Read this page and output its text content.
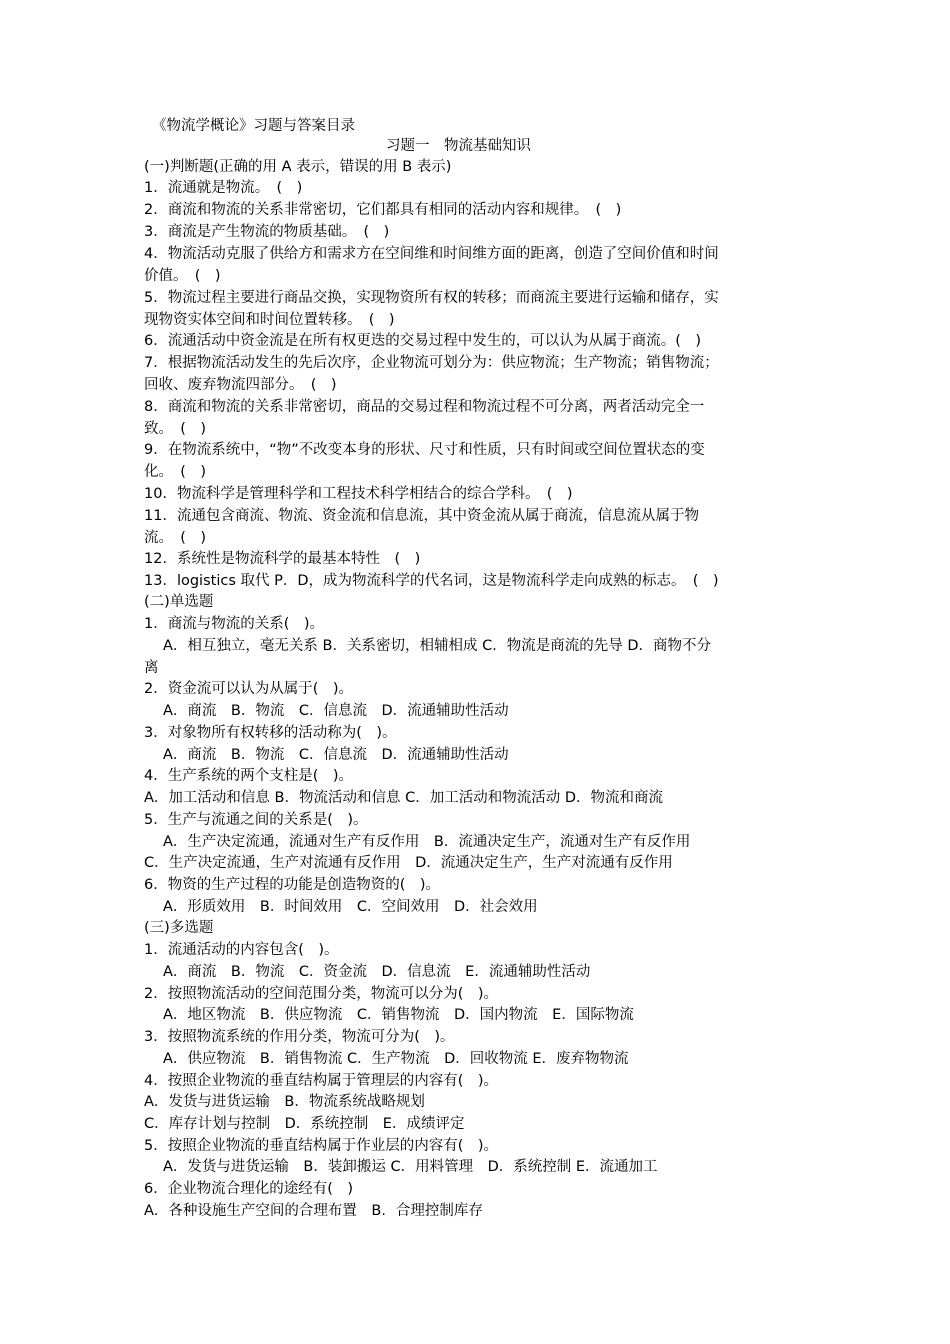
《物流学概论》习题与答案目录
习题一　物流基础知识
(一)判断题(正确的用 A 表示，错误的用 B 表示)
1．流通就是物流。　(　)
2．商流和物流的关系非常密切，它们都具有相同的活动内容和规律。　(　)
3．商流是产生物流的物质基础。　(　)
4．物流活动克服了供给方和需求方在空间维和时间维方面的距离，创造了空间价值和时间
价值。　(　)
5．物流过程主要进行商品交换，实现物资所有权的转移；而商流主要进行运输和储存，实
现物资实体空间和时间位置转移。　(　)
6．流通活动中资金流是在所有权更迭的交易过程中发生的，可以认为从属于商流。(　)
7．根据物流活动发生的先后次序，企业物流可划分为：供应物流；生产物流；销售物流；
回收、废弃物流四部分。　(　)
8．商流和物流的关系非常密切，商品的交易过程和物流过程不可分离，两者活动完全一
致。　(　)
9．在物流系统中，“物”不改变本身的形状、尺寸和性质，只有时间或空间位置状态的变
化。　(　)
10．物流科学是管理科学和工程技术科学相结合的综合学科。　(　)
11．流通包含商流、物流、资金流和信息流，其中资金流从属于商流，信息流从属于物
流。　(　)
12．系统性是物流科学的最基本特性　(　)
13．logistics 取代 P．D，成为物流科学的代名词，这是物流科学走向成熟的标志。　(　)
(二)单选题
1．商流与物流的关系(　)。
A．相互独立，毫无关系 B．关系密切，相辅相成 C．物流是商流的先导 D．商物不分
离
2．资金流可以认为从属于(　)。
A．商流　B．物流　C．信息流　D．流通辅助性活动
3．对象物所有权转移的活动称为(　)。
A．商流　B．物流　C．信息流　D．流通辅助性活动
4．生产系统的两个支柱是(　)。
A．加工活动和信息 B．物流活动和信息 C．加工活动和物流活动 D．物流和商流
5．生产与流通之间的关系是(　)。
A．生产决定流通，流通对生产有反作用　B．流通决定生产，流通对生产有反作用
C．生产决定流通，生产对流通有反作用　D．流通决定生产，生产对流通有反作用
6．物资的生产过程的功能是创造物资的(　)。
A．形质效用　B．时间效用　C．空间效用　D．社会效用
(三)多选题
1．流通活动的内容包含(　)。
A．商流　B．物流　C．资金流　D．信息流　E．流通辅助性活动
2．按照物流活动的空间范围分类，物流可以分为(　)。
A．地区物流　B．供应物流　C．销售物流　D．国内物流　E．国际物流
3．按照物流系统的作用分类，物流可分为(　)。
A．供应物流　B．销售物流 C．生产物流　D．回收物流 E．废弃物物流
4．按照企业物流的垂直结构属于管理层的内容有(　)。
A．发货与进货运输　B．物流系统战略规划
C．库存计划与控制　D．系统控制　E．成绩评定
5．按照企业物流的垂直结构属于作业层的内容有(　)。
A．发货与进货运输　B．装卸搬运 C．用料管理　D．系统控制 E．流通加工
6．企业物流合理化的途经有(　)
A．各种设施生产空间的合理布置　B．合理控制库存
